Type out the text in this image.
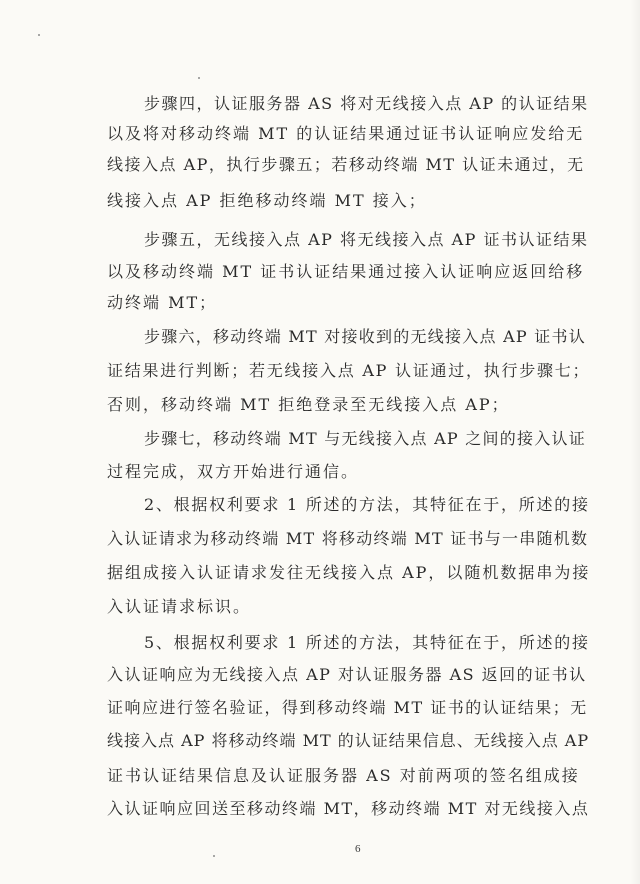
步骤四，认证服务器 AS 将对无线接入点 AP 的认证结果
以及将对移动终端 MT 的认证结果通过证书认证响应发给无
线接入点 AP，执行步骤五；若移动终端 MT 认证未通过，无
线接入点 AP 拒绝移动终端 MT 接入；
步骤五，无线接入点 AP 将无线接入点 AP 证书认证结果
以及移动终端 MT 证书认证结果通过接入认证响应返回给移
动终端 MT；
步骤六，移动终端 MT 对接收到的无线接入点 AP 证书认
证结果进行判断；若无线接入点 AP 认证通过，执行步骤七；
否则，移动终端 MT 拒绝登录至无线接入点 AP；
步骤七，移动终端 MT 与无线接入点 AP 之间的接入认证
过程完成，双方开始进行通信。
2、根据权利要求 1 所述的方法，其特征在于，所述的接
入认证请求为移动终端 MT 将移动终端 MT 证书与一串随机数
据组成接入认证请求发往无线接入点 AP，以随机数据串为接
入认证请求标识。
5、根据权利要求 1 所述的方法，其特征在于，所述的接
入认证响应为无线接入点 AP 对认证服务器 AS 返回的证书认
证响应进行签名验证，得到移动终端 MT 证书的认证结果；无
线接入点 AP 将移动终端 MT 的认证结果信息、无线接入点 AP
证书认证结果信息及认证服务器 AS 对前两项的签名组成接
入认证响应回送至移动终端 MT，移动终端 MT 对无线接入点
6
